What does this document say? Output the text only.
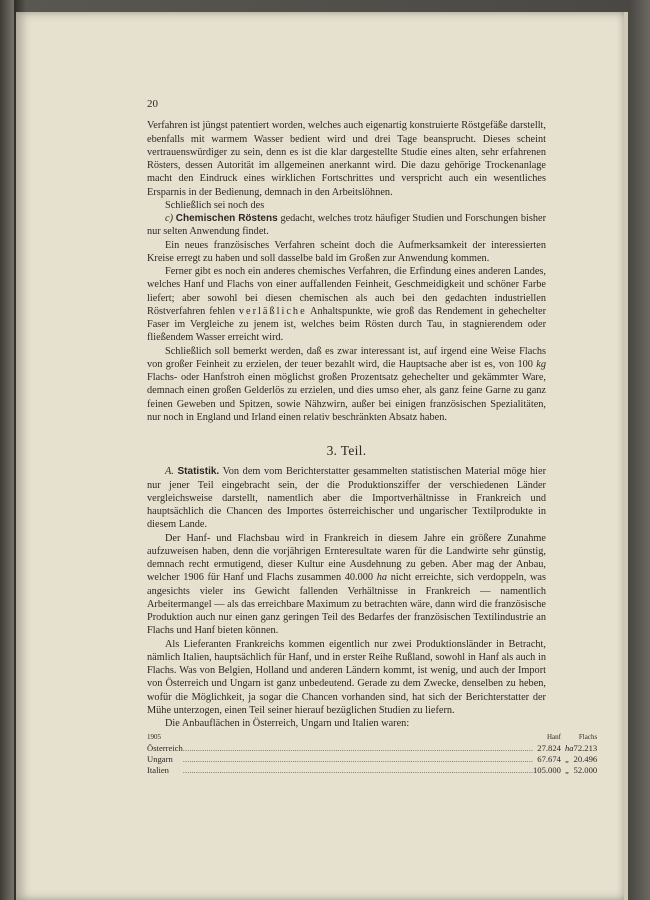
20

Verfahren ist jüngst patentiert worden, welches auch eigenartig konstruierte Röstgefäße darstellt, ebenfalls mit warmem Wasser bedient wird und drei Tage beansprucht. Dieses scheint vertrauenswürdiger zu sein, denn es ist die klar dargestellte Studie eines alten, sehr erfahrenen Rösters, dessen Autorität im allgemeinen anerkannt wird. Die dazu gehörige Trockenanlage macht den Eindruck eines wirklichen Fortschrittes und verspricht auch ein wesentliches Ersparnis in der Bedienung, demnach in den Arbeitslöhnen.

Schließlich sei noch des

c) Chemischen Röstens gedacht, welches trotz häufiger Studien und Forschungen bisher nur selten Anwendung findet.

Ein neues französisches Verfahren scheint doch die Aufmerksamkeit der interessierten Kreise erregt zu haben und soll dasselbe bald im Großen zur Anwendung kommen.

Ferner gibt es noch ein anderes chemisches Verfahren, die Erfindung eines anderen Landes, welches Hanf und Flachs von einer auffallenden Feinheit, Geschmeidigkeit und schöner Farbe liefert; aber sowohl bei diesen chemischen als auch bei den gedachten industriellen Röstverfahren fehlen verläßliche Anhaltspunkte, wie groß das Rendement in gehechelter Faser im Vergleiche zu jenem ist, welches beim Rösten durch Tau, in stagnierendem oder fließendem Wasser erreicht wird.

Schließlich soll bemerkt werden, daß es zwar interessant ist, auf irgend eine Weise Flachs von großer Feinheit zu erzielen, der teuer bezahlt wird, die Hauptsache aber ist es, von 100 kg Flachs- oder Hanfstroh einen möglichst großen Prozentsatz gehechelter und gekämmter Ware, demnach einen großen Gelderlös zu erzielen, und dies umso eher, als ganz feine Garne zu ganz feinen Geweben und Spitzen, sowie Nähzwirn, außer bei einigen französischen Spezialitäten, nur noch in England und Irland einen relativ beschränkten Absatz haben.

3. Teil.

A. Statistik. Von dem vom Berichterstatter gesammelten statistischen Material möge hier nur jener Teil eingebracht sein, der die Produktionsziffer der verschiedenen Länder vergleichsweise darstellt, namentlich aber die Importverhältnisse in Frankreich und hauptsächlich die Chancen des Importes österreichischer und ungarischer Textilprodukte in diesem Lande.

Der Hanf- und Flachsbau wird in Frankreich in diesem Jahre ein größere Zunahme aufzuweisen haben, denn die vorjährigen Ernteresultate waren für die Landwirte sehr günstig, demnach recht ermutigend, dieser Kultur eine Ausdehnung zu geben. Aber mag der Anbau, welcher 1906 für Hanf und Flachs zusammen 40.000 ha nicht erreichte, sich verdoppeln, was angesichts vieler ins Gewicht fallenden Verhältnisse in Frankreich — namentlich Arbeitermangel — als das erreichbare Maximum zu betrachten wäre, dann wird die französische Produktion auch nur einen ganz geringen Teil des Bedarfes der französischen Textilindustrie an Flachs und Hanf bieten können.

Als Lieferanten Frankreichs kommen eigentlich nur zwei Produktionsländer in Betracht, nämlich Italien, hauptsächlich für Hanf, und in erster Reihe Rußland, sowohl in Hanf als auch in Flachs. Was von Belgien, Holland und anderen Ländern kommt, ist wenig, und auch der Import von Österreich und Ungarn ist ganz unbedeutend. Gerade zu dem Zwecke, denselben zu heben, wofür die Möglichkeit, ja sogar die Chancen vorhanden sind, hat sich der Berichterstatter der Mühe unterzogen, einen Teil seiner hierauf bezüglichen Studien zu liefern.

Die Anbauflächen in Österreich, Ungarn und Italien waren:

1905		Hanf		Flachs
Österreich	...................................................................................................................................................................	27.824	ha	72.213
Ungarn	...................................................................................................................................................................	67.674	„	20.496
Italien	...................................................................................................................................................................	105.000	„	52.000
